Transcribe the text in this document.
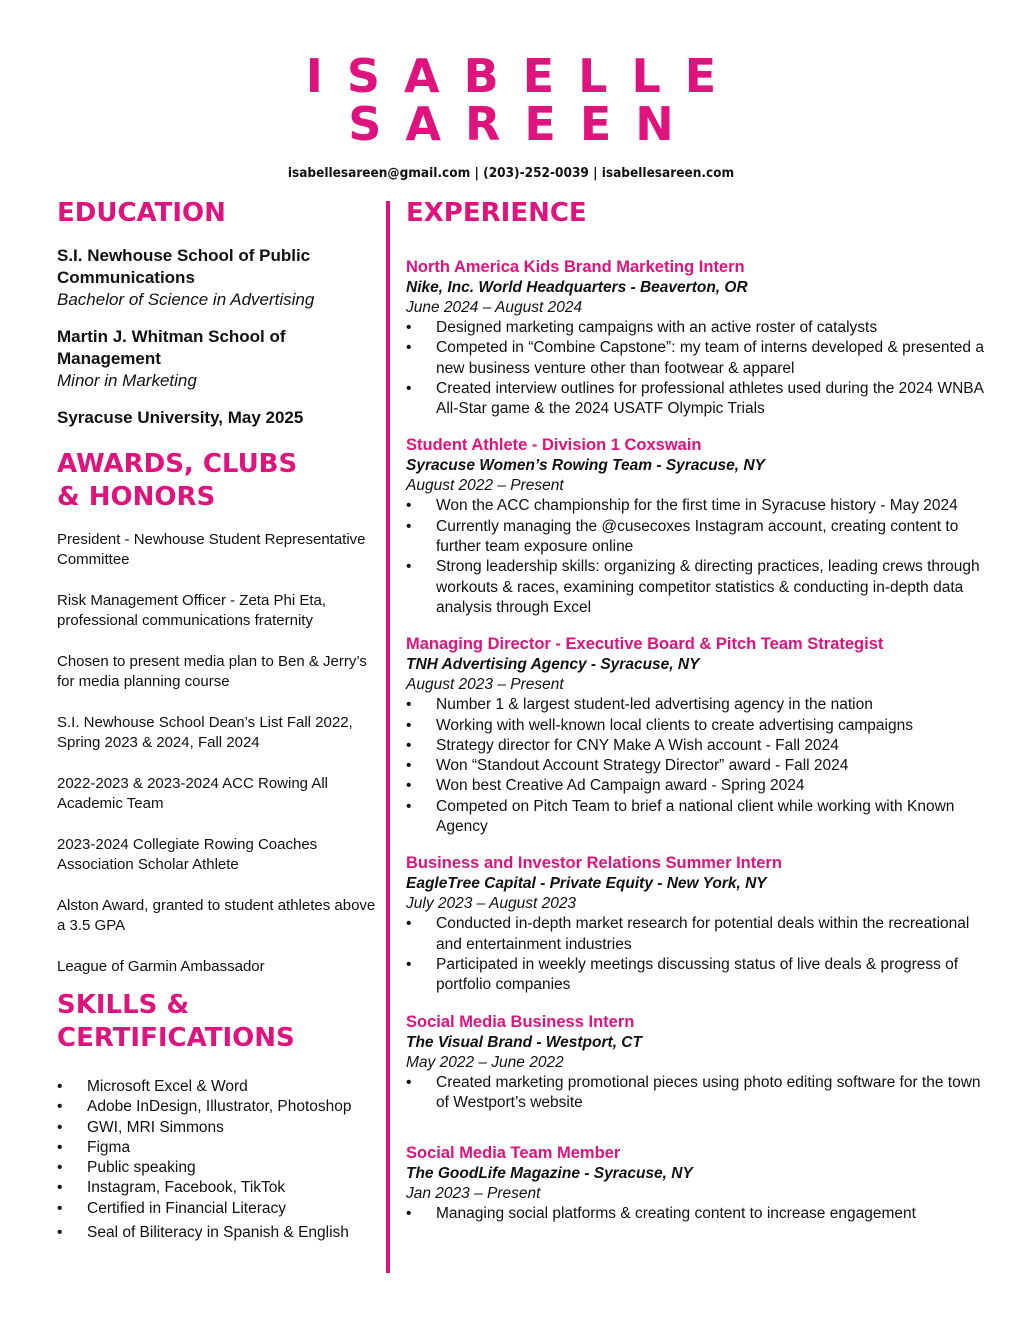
ISABELLE
SAREEN
isabellesareen@gmail.com | (203)-252-0039 | isabellesareen.com
EDUCATION
S.I. Newhouse School of Public Communications
Bachelor of Science in Advertising
Martin J. Whitman School of Management
Minor in Marketing
Syracuse University, May 2025
AWARDS, CLUBS
& HONORS
President - Newhouse Student Representative Committee
Risk Management Officer - Zeta Phi Eta, professional communications fraternity
Chosen to present media plan to Ben & Jerry’s for media planning course
S.I. Newhouse School Dean’s List Fall 2022, Spring 2023 & 2024, Fall 2024
2022-2023 & 2023-2024 ACC Rowing All Academic Team
2023-2024 Collegiate Rowing Coaches Association Scholar Athlete
Alston Award, granted to student athletes above a 3.5 GPA
League of Garmin Ambassador
SKILLS &
CERTIFICATIONS
• Microsoft Excel & Word
• Adobe InDesign, Illustrator, Photoshop
• GWI, MRI Simmons
• Figma
• Public speaking
• Instagram, Facebook, TikTok
• Certified in Financial Literacy
• Seal of Biliteracy in Spanish & English
EXPERIENCE
North America Kids Brand Marketing Intern
Nike, Inc. World Headquarters - Beaverton, OR
June 2024 – August 2024
• Designed marketing campaigns with an active roster of catalysts
• Competed in “Combine Capstone”: my team of interns developed & presented a new business venture other than footwear & apparel
• Created interview outlines for professional athletes used during the 2024 WNBA All-Star game & the 2024 USATF Olympic Trials
Student Athlete - Division 1 Coxswain
Syracuse Women’s Rowing Team - Syracuse, NY
August 2022 – Present
• Won the ACC championship for the first time in Syracuse history - May 2024
• Currently managing the @cusecoxes Instagram account, creating content to further team exposure online
• Strong leadership skills: organizing & directing practices, leading crews through workouts & races, examining competitor statistics & conducting in-depth data analysis through Excel
Managing Director - Executive Board & Pitch Team Strategist
TNH Advertising Agency - Syracuse, NY
August 2023 – Present
• Number 1 & largest student-led advertising agency in the nation
• Working with well-known local clients to create advertising campaigns
• Strategy director for CNY Make A Wish account - Fall 2024
• Won “Standout Account Strategy Director” award - Fall 2024
• Won best Creative Ad Campaign award - Spring 2024
• Competed on Pitch Team to brief a national client while working with Known Agency
Business and Investor Relations Summer Intern
EagleTree Capital - Private Equity - New York, NY
July 2023 – August 2023
• Conducted in-depth market research for potential deals within the recreational and entertainment industries
• Participated in weekly meetings discussing status of live deals & progress of portfolio companies
Social Media Business Intern
The Visual Brand - Westport, CT
May 2022 – June 2022
• Created marketing promotional pieces using photo editing software for the town of Westport’s website
Social Media Team Member
The GoodLife Magazine - Syracuse, NY
Jan 2023 – Present
• Managing social platforms & creating content to increase engagement
